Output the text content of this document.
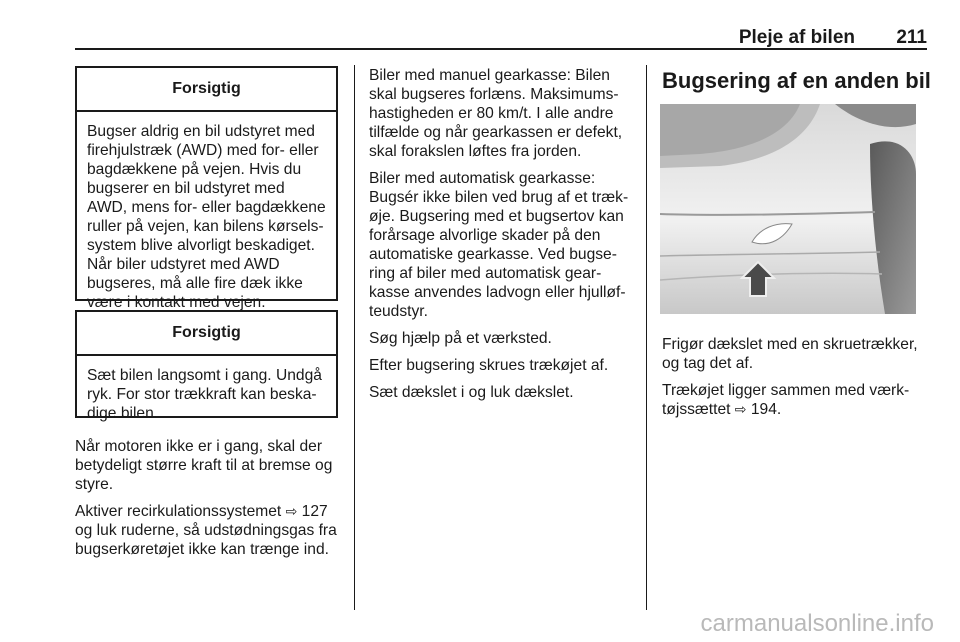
Pleje af bilen 211
Forsigtig
Bugser aldrig en bil udstyret med firehjulstræk (AWD) med for- eller bagdækkene på vejen. Hvis du bugserer en bil udstyret med AWD, mens for- eller bagdækkene ruller på vejen, kan bilens kørsels-system blive alvorligt beskadiget. Når biler udstyret med AWD bugseres, må alle fire dæk ikke være i kontakt med vejen.
Forsigtig
Sæt bilen langsomt i gang. Undgå ryk. For stor trækkraft kan beska-dige bilen.

Når motoren ikke er i gang, skal der betydeligt større kraft til at bremse og styre.

Aktiver recirkulationssystemet ⇨ 127 og luk ruderne, så udstødningsgas fra bugserkøretøjet ikke kan trænge ind.

Biler med manuel gearkasse: Bilen skal bugseres forlæns. Maksimums-hastigheden er 80 km/t. I alle andre tilfælde og når gearkassen er defekt, skal forakslen løftes fra jorden.

Biler med automatisk gearkasse: Bugsér ikke bilen ved brug af et træk-øje. Bugsering med et bugsertov kan forårsage alvorlige skader på den automatiske gearkasse. Ved bugse-ring af biler med automatisk gear-kasse anvendes ladvogn eller hjulløf-teudstyr.

Søg hjælp på et værksted.

Efter bugsering skrues trækøjet af.

Sæt dækslet i og luk dækslet.

Bugsering af en anden bil

Frigør dækslet med en skruetrækker, og tag det af.

Trækøjet ligger sammen med værk-tøjssættet ⇨ 194.

carmanualsonline.info
